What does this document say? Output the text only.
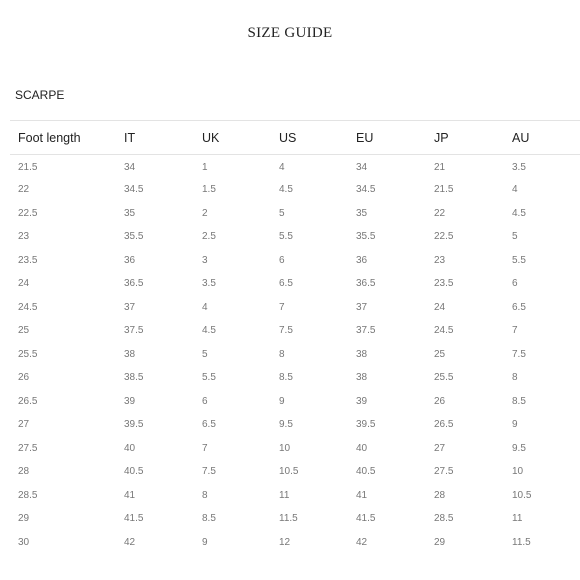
SIZE GUIDE
SCARPE
Foot length	IT	UK	US	EU	JP	AU
21.5	34	1	4	34	21	3.5
22	34.5	1.5	4.5	34.5	21.5	4
22.5	35	2	5	35	22	4.5
23	35.5	2.5	5.5	35.5	22.5	5
23.5	36	3	6	36	23	5.5
24	36.5	3.5	6.5	36.5	23.5	6
24.5	37	4	7	37	24	6.5
25	37.5	4.5	7.5	37.5	24.5	7
25.5	38	5	8	38	25	7.5
26	38.5	5.5	8.5	38	25.5	8
26.5	39	6	9	39	26	8.5
27	39.5	6.5	9.5	39.5	26.5	9
27.5	40	7	10	40	27	9.5
28	40.5	7.5	10.5	40.5	27.5	10
28.5	41	8	11	41	28	10.5
29	41.5	8.5	11.5	41.5	28.5	11
30	42	9	12	42	29	11.5
